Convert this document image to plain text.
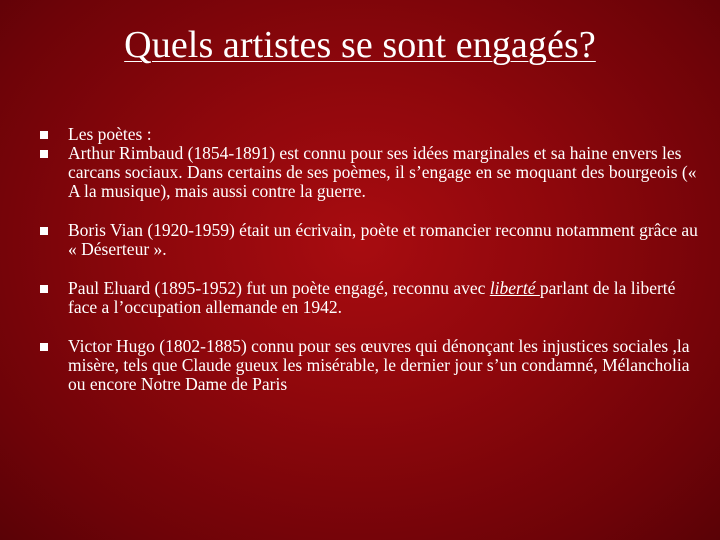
Quels artistes se sont engagés?
Les poètes :
Arthur Rimbaud (1854-1891) est connu pour ses idées marginales et sa haine envers les carcans sociaux. Dans certains de ses poèmes, il s’engage en se moquant des bourgeois (« A la musique), mais aussi contre la guerre.
Boris Vian (1920-1959) était un écrivain, poète et romancier reconnu notamment grâce au « Déserteur ».
Paul Eluard (1895-1952) fut un poète engagé, reconnu avec liberté parlant de la liberté face a l’occupation allemande en 1942.
Victor Hugo (1802-1885) connu pour ses œuvres qui dénonçant les injustices sociales ,la misère, tels que Claude gueux les misérable, le dernier jour s’un condamné, Mélancholia ou encore Notre Dame de Paris
